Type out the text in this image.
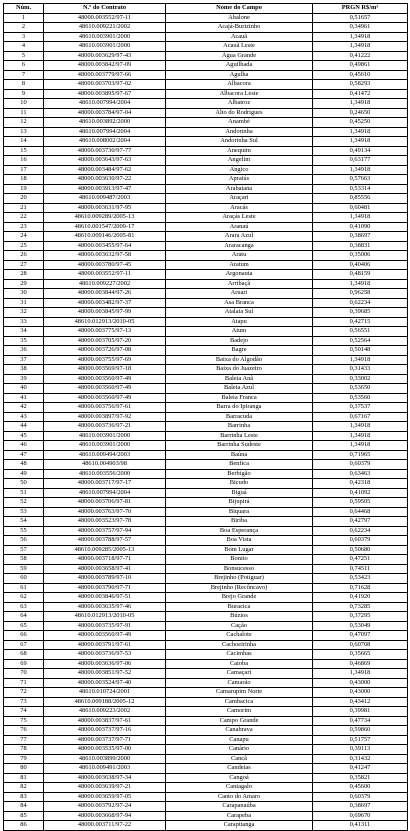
Núm.	N.º do Contrato	Nome do Campo	PRGN R$/m³
1	48000.003552/97-11	Abalone	0,51657
2	48610.009221/2002	Acajá-Burizinho	0,34961
3	48610.003901/2000	Acauã	1,34918
4	48610.003901/2000	Acauã Leste	1,34918
5	48000.003629/97-43	Água Grande	0,41222
6	48000.003842/97-09	Aguilhada	0,49861
7	48000.003779/97-66	Agulha	0,45610
8	48000.003703/97-02	Albacora	0,58293
9	48000.003895/97-67	Albacora Leste	0,41472
10	48610.007994/2004	Albatroz	1,34918
11	48000.003784/97-04	Alto do Rodrigues	0,24650
12	48610.003892/2000	Anambé	0,45250
13	48610.007994/2004	Andorinha	1,34918
14	48610.008002/2004	Andorinha Sul	1,34918
15	48000.003730/97-77	Anequim	0,49134
16	48000.003643/97-63	Angelim	0,63177
17	48000.003484/97-62	Angico	1,34918
18	48000.003630/97-22	Apraiús	0,57663
19	48000.003913/97-47	Arabaiana	0,53314
20	48610.009487/2003	Araçari	0,85556
21	48000.003631/97-95	Aracás	0,60481
22	48610.009289/2005-13	Araçás Leste	1,34918
23	48610.001547/2009-17	Aranaú	0,41090
24	48610.009146/2005-81	Arara Azul	0,38697
25	48000.003455/97-64	Araracanga	0,38831
26	48000.003632/97-58	Aratu	0,35006
27	48000.003780/97-45	Aratum	0,40406
28	48000.003552/97-11	Argonauta	0,48159
29	48610.009227/2002	Arribaçã	1,34918
30	48000.003844/97-26	Aruari	0,96258
31	48000.003482/97-37	Asa Branca	0,62234
32	48000.003845/97-99	Atalaia Sul	0,39685
33	48610.012913/2010-05	Atapu	0,42715
34	48000.003775/97-13	Atum	0,56551
35	48000.003705/97-20	Badejo	0,52564
36	48000.003726/97-08	Bagre	0,50148
37	48000.003755/97-69	Baixa do Algodão	1,34918
38	48000.003569/97-18	Baixa do Juazeiro	0,31433
39	48000.003560/97-49	Baleia Anã	0,33002
40	48000.003560/97-49	Baleia Azul	0,53650
41	48000.003560/97-49	Baleia Franca	0,53560
42	48000.003756/97-61	Barra do Ipiranga	0,37537
43	48000.003897/97-92	Barracuda	0,67167
44	48000.003736/97-21	Barrinha	1,34918
45	48610.003901/2000	Barrinha Leste	1,34918
46	48610.003901/2000	Barrinha Sudeste	1,34918
47	48610.009494/2003	Baúna	0,71965
48	48610.004903/98	Benfica	0,60379
49	48610.003556/2000	Berbigão	0,63463
50	48000.003717/97-17	Bicudo	0,42318
51	48610.007994/2004	Biguá	0,41092
52	48000.003706/97-81	Bijupirá	0,59505
53	48000.003763/97-70	Biquara	0,64468
54	48000.003523/97-78	Biriba	0,42797
55	48000.003757/97-94	Boa Esperança	0,62234
56	48000.003788/97-57	Boa Vista	0,60379
57	48610.009285/2005-13	Bom Lugar	0,50680
58	48000.003718/97-71	Bonito	0,47251
59	48000.003658/97-41	Bonsucesso	0,74511
60	48000.003789/97-10	Brejinho (Potiguar)	0,53423
61	48000.003790/97-71	Brejinho (Recôncavo)	0,71628
62	48000.003846/97-51	Brejo Grande	0,41920
63	48000.003635/97-46	Buracica	0,73285
64	48610.012913/2010-05	Búzios	0,37295
65	48000.003735/97-91	Cação	0,53049
66	48000.003560/97-49	Cachalote	0,47097
67	48000.003791/97-61	Cachoeirinha	0,60708
68	48000.003736/97-53	Cacimbas	0,35665
69	48000.003636/97-06	Caioba	0,46869
70	48000.003851/97-52	Camaçari	1,34918
71	48000.003524/97-40	Camarão	0,43000
72	48610.010724/2001	Camarupim Norte	0,43000
73	48610.009188/2005-12	Cambacica	0,43412
74	48610.009223/2002	Camorim	0,39981
75	48000.003837/97-61	Campo Grande	0,47734
76	48000.003737/97-16	Canabrava	0,59860
77	48000.003737/97-71	Canapu	0,51757
78	48000.003535/97-00	Canário	0,39113
79	48610.003899/2000	Cancã	0,31432
80	48610.009491/2003	Candeias	0,41247
81	48000.003638/97-34	Cangoá	0,35821
82	48000.003639/97-21	Cantagalo	0,45600
83	48000.003659/97-05	Canto do Amaro	0,60379
84	48000.003792/97-24	Carapanaúba	0,38697
85	48000.003668/97-94	Carapeba	0,69670
86	48000.003711/97-22	Carapitanga	0,41311
